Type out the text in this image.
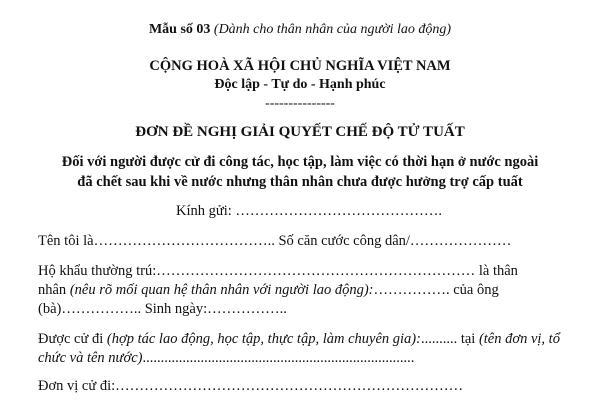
Mẫu số 03 (Dành cho thân nhân của người lao động)
CỘNG HOÀ XÃ HỘI CHỦ NGHĨA VIỆT NAM
Độc lập - Tự do - Hạnh phúc
---------------
ĐƠN ĐỀ NGHỊ GIẢI QUYẾT CHẾ ĐỘ TỬ TUẤT
Đối với người được cử đi công tác, học tập, làm việc có thời hạn ở nước ngoài
đã chết sau khi về nước nhưng thân nhân chưa được hưởng trợ cấp tuất
Kính gửi: …………………………………….
Tên tôi là……………………………….. Số căn cước công dân/…………………
Hộ khẩu thường trú:………………………………………………………… là thân
nhân (nêu rõ mối quan hệ thân nhân với người lao động):……………. của ông
(bà)…………….. Sinh ngày:……………..
Được cử đi (hợp tác lao động, học tập, thực tập, làm chuyên gia):.......... tại (tên đơn vị, tổ
chức và tên nước)...........................................................................
Đơn vị cử đi:………………………………………………………………
